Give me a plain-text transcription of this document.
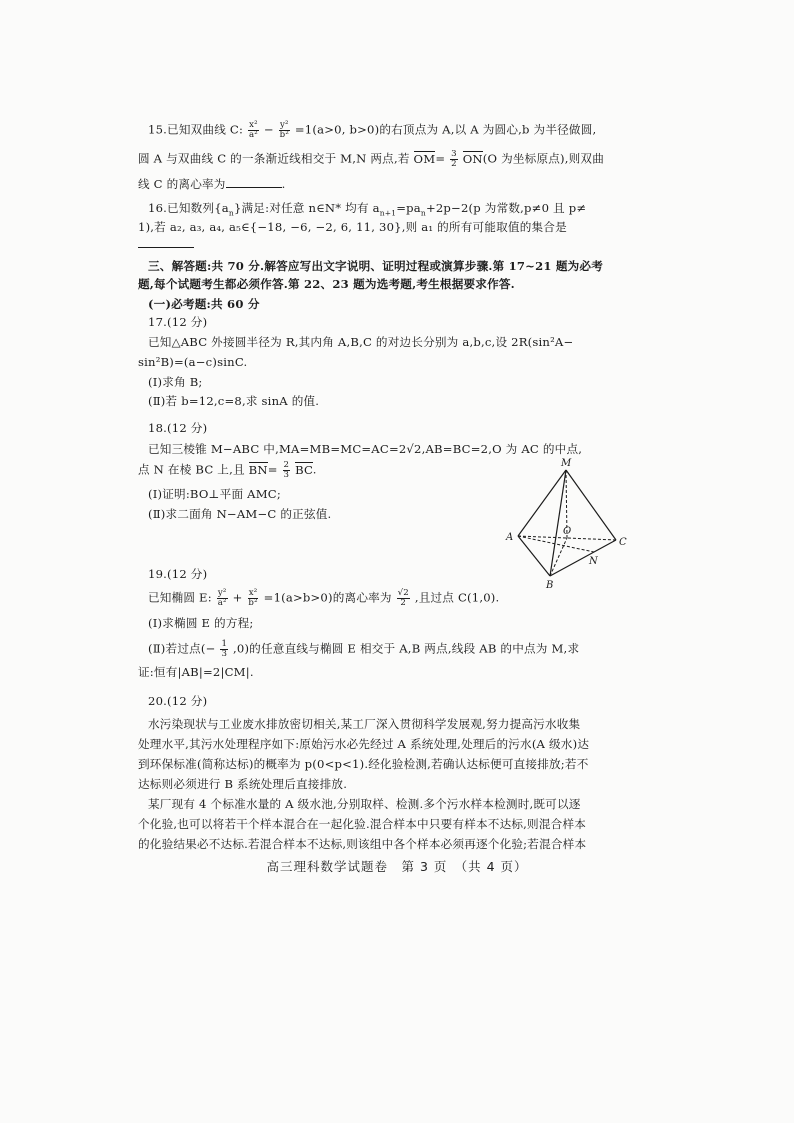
15.已知双曲线 C: $\frac{\text{x²}}{\text{a²}} - \frac{\text{y²}}{\text{b²}} =1(a>0$, b>0)的右顶点为 A,以 A 为圆心,b 为半径做圆,
圆 A 与双曲线 C 的一条渐近线相交于 M,N 两点,若 $OM= \frac{3}{2} ON(O$ 为坐标原点),则双曲
线 C 的离心率为	.
16.已知数列$\{a_n\}$满足:对任意 n∈N* 均有 $a_{n+1}=pa_n+2p-2(p$ 为常数,p≠0 且 p≠
1),若 a₂, a₃, a₄, a₅∈{−18, −6, −2, 6, 11, 30},则 a₁ 的所有可能取值的集合是
三、解答题:共 70 分.解答应写出文字说明、证明过程或演算步骤.第 17~21 题为必考
题,每个试题考生都必须作答.第 22、23 题为选考题,考生根据要求作答.
(一)必考题:共 60 分
17.(12 分)
已知△ABC 外接圆半径为 R,其内角 A,B,C 的对边长分别为 a,b,c,设 2R(sin²A−
sin²B)=(a−c)sinC.
(Ⅰ)求角 B;
(Ⅱ)若 b=12,c=8,求 sinA 的值.
18.(12 分)
已知三棱锥 M−ABC 中,MA=MB=MC=AC=2√2,AB=BC=2,O 为 AC 的中点,
点 N 在棱 BC 上,且 $BN= \frac{2}{3}$ BC.
(Ⅰ)证明:BO⊥平面 AMC;
(Ⅱ)求二面角 N−AM−C 的正弦值.
M
A
B
C
O
N
19.(12 分)
已知椭圆 E: $\frac{\text{y²}}{\text{a²}} + \frac{\text{x²}}{\text{b²}} =1(a>b>0)$的离心率为 $\frac{√2}{2}$ ,且过点 C(1,0).
(Ⅰ)求椭圆 E 的方程;
(Ⅱ)若过点(− $\frac{1}{3} ,0$)的任意直线与椭圆 E 相交于 A,B 两点,线段 AB 的中点为 M,求
证:恒有|AB|=2|CM|.
20.(12 分)
水污染现状与工业废水排放密切相关,某工厂深入贯彻科学发展观,努力提高污水收集
处理水平,其污水处理程序如下:原始污水必先经过 A 系统处理,处理后的污水(A 级水)达
到环保标准(简称达标)的概率为 p(0<p<1).经化验检测,若确认达标便可直接排放;若不
达标则必须进行 B 系统处理后直接排放.
某厂现有 4 个标准水量的 A 级水池,分别取样、检测.多个污水样本检测时,既可以逐
个化验,也可以将若干个样本混合在一起化验.混合样本中只要有样本不达标,则混合样本
的化验结果必不达标.若混合样本不达标,则该组中各个样本必须再逐个化验;若混合样本
高三理科数学试题卷　第 3 页　（共 4 页）
